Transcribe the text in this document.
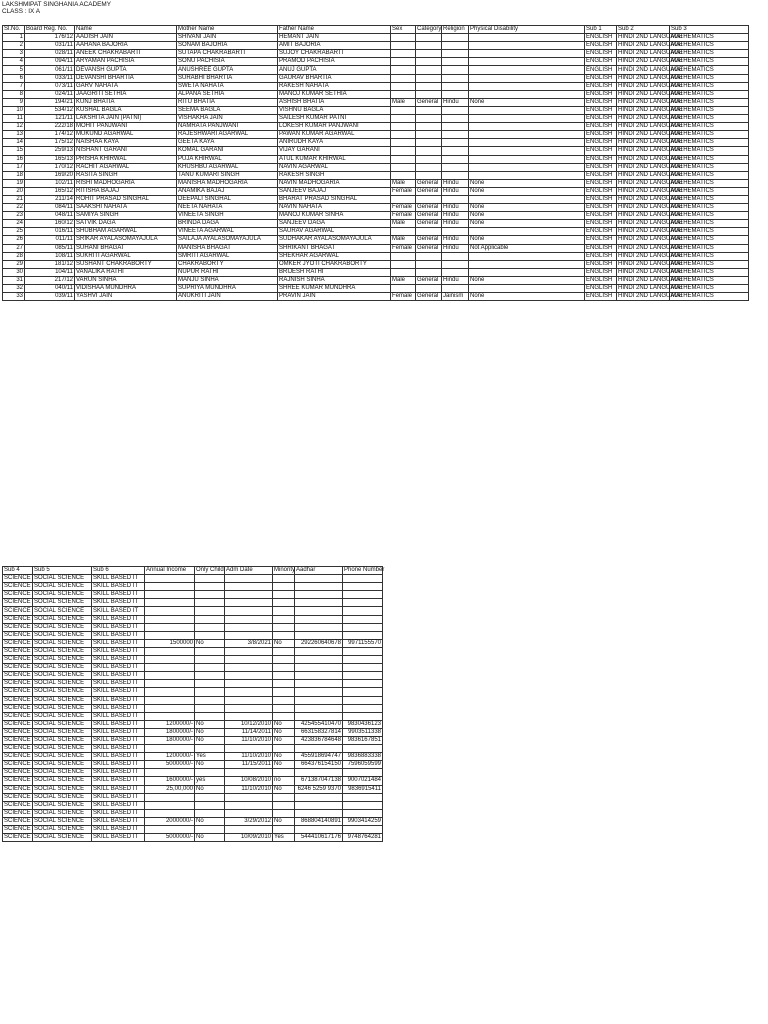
LAKSHMIPAT SINGHANIA ACADEMY
CLASS : IX A
Sl.No.	Board Reg. No.	Name	Mother Name	Father Name	Sex	Category	Religion	Physical Disability	Sub 1	Sub 2	Sub 3
1	176/12	AADISH JAIN	SHIVANI JAIN	HEMANT JAIN					ENGLISH	HINDI 2ND LANGUAGE	MATHEMATICS
2	031/11	AAHANA BAJORIA	SONAM BAJORIA	AMIT BAJORIA					ENGLISH	HINDI 2ND LANGUAGE	MATHEMATICS
3	028/11	ANEEK CHAKRABARTI	SUTAPA CHAKRABARTI	SUJOY CHAKRABARTI					ENGLISH	HINDI 2ND LANGUAGE	MATHEMATICS
4	094/11	ARYAMAN PACHISIA	SONU PACHISIA	PRAMOD PACHISIA					ENGLISH	HINDI 2ND LANGUAGE	MATHEMATICS
5	061/11	DEVANSH GUPTA	ANUSHREE GUPTA	ANUJ GUPTA					ENGLISH	HINDI 2ND LANGUAGE	MATHEMATICS
6	033/11	DEVANSHI BHARTIA	SURABHI BHARTIA	GAURAV BHARTIA					ENGLISH	HINDI 2ND LANGUAGE	MATHEMATICS
7	073/11	GARV NAHATA	SWETA NAHATA	RAKESH NAHATA					ENGLISH	HINDI 2ND LANGUAGE	MATHEMATICS
8	024/11	JAAGRITI SETHIA	ALPANA SETHIA	MANOJ KUMAR SETHIA					ENGLISH	HINDI 2ND LANGUAGE	MATHEMATICS
9	194/21	KUNJ BHATIA	RITU BHATIA	ASHISH BHATIA	Male	General	Hindu	None	ENGLISH	HINDI 2ND LANGUAGE	MATHEMATICS
10	534/12	KUSHAL BAGLA	SEEMA BAGLA	VISHNU BAGLA					ENGLISH	HINDI 2ND LANGUAGE	MATHEMATICS
11	121/11	LAKSHITA JAIN (PATNI)	VISHAKHA JAIN	SAILESH KUMAR PATNI					ENGLISH	HINDI 2ND LANGUAGE	MATHEMATICS
12	222/18	MOHIT PANJWANI	NAMRATA PANJWANI	LOKESH KUMAR PANJWANI					ENGLISH	HINDI 2ND LANGUAGE	MATHEMATICS
13	174/12	MUKUND AGARWAL	RAJESHWARI AGARWAL	PAWAN KUMAR AGARWAL					ENGLISH	HINDI 2ND LANGUAGE	MATHEMATICS
14	175/12	NAISHAA KAYA	GEETA KAYA	ANIRUDH KAYA					ENGLISH	HINDI 2ND LANGUAGE	MATHEMATICS
15	259/13	NISHANT GARANI	KOMAL GARANI	VIJAY GARANI					ENGLISH	HINDI 2ND LANGUAGE	MATHEMATICS
16	165/13	PRISHA KHIRWAL	PUJA KHIRWAL	ATUL KUMAR KHIRWAL					ENGLISH	HINDI 2ND LANGUAGE	MATHEMATICS
17	170/12	RACHIT AGARWAL	KHUSHBU AGARWAL	NAVIN AGARWAL					ENGLISH	HINDI 2ND LANGUAGE	MATHEMATICS
18	169/20	RASITA SINGH	TANU KUMARI SINGH	RAKESH SINGH					ENGLISH	HINDI 2ND LANGUAGE	MATHEMATICS
19	102/11	RISHI MADHOGARIA	MANISHA MADHOGARIA	NAVIN MADHOGARIA	Male	General	Hindu	None	ENGLISH	HINDI 2ND LANGUAGE	MATHEMATICS
20	165/12	RITISHA BAJAJ	ANAMIKA BAJAJ	SANJEEV BAJAJ	Female	General	Hindu	None	ENGLISH	HINDI 2ND LANGUAGE	MATHEMATICS
21	211/14	ROHIT PRASAD SINGHAL	DEEPALI SINGHAL	BHARAT PRASAD SINGHAL					ENGLISH	HINDI 2ND LANGUAGE	MATHEMATICS
22	084/11	SAAKSHI NAHATA	NEETA NAHATA	NAVIN NAHATA	Female	General	Hindu	None	ENGLISH	HINDI 2ND LANGUAGE	MATHEMATICS
23	048/11	SAMIYA SINGH	VINEETA SINGH	MANOJ KUMAR SINHA	Female	General	Hindu	None	ENGLISH	HINDI 2ND LANGUAGE	MATHEMATICS
24	160/12	SATVIK DAGA	BRINDA DAGA	SANJEEV DAGA	Male	General	Hindu	None	ENGLISH	HINDI 2ND LANGUAGE	MATHEMATICS
25	016/11	SHUBHAM AGARWAL	VINEETA AGARWAL	SAURAV AGARWAL					ENGLISH	HINDI 2ND LANGUAGE	MATHEMATICS
26	011/11	SRIKAR AYALASOMAYAJULA	SAILAJA AYALASOMAYAJULA	SUDHAKAR AYALASOMAYAJULA	Male	General	Hindu	None	ENGLISH	HINDI 2ND LANGUAGE	MATHEMATICS
27	085/11	SUHANI BHAGAT	MANISHA BHAGAT	SHRIKANT BHAGAT	Female	General	Hindu	Not Applicable	ENGLISH	HINDI 2ND LANGUAGE	MATHEMATICS
28	108/11	SUKRITI AGARWAL	SMRITI AGARWAL	SHEKHAR AGARWAL					ENGLISH	HINDI 2ND LANGUAGE	MATHEMATICS
29	181/12	SUSHANT CHAKRABORTY	CHAKRABORTY	OMKER JYOTI CHAKRABORTY					ENGLISH	HINDI 2ND LANGUAGE	MATHEMATICS
30	104/11	VANALIKA RATHI	NUPUR RATHI	BRIJESH RATHI					ENGLISH	HINDI 2ND LANGUAGE	MATHEMATICS
31	217/12	VARUN SINHA	MANJU SINHA	RAJNISH SINHA	Male	General	Hindu	None	ENGLISH	HINDI 2ND LANGUAGE	MATHEMATICS
32	040/11	VIDISHAA MUNDHRA	SUPRIYA MUNDHRA	SHREE KUMAR MUNDHRA					ENGLISH	HINDI 2ND LANGUAGE	MATHEMATICS
33	039/11	YASHVI JAIN	ANUKRITI JAIN	PRAVIN JAIN	Female	General	Jainism	None	ENGLISH	HINDI 2ND LANGUAGE	MATHEMATICS
Sub 4	Sub 5	Sub 6	Annual Income	Only Child	Adm Date	Minority	Aadhar	Phone Number
SCIENCE	SOCIAL SCIENCE	SKILL BASED IT						
SCIENCE	SOCIAL SCIENCE	SKILL BASED IT						
SCIENCE	SOCIAL SCIENCE	SKILL BASED IT						
SCIENCE	SOCIAL SCIENCE	SKILL BASED IT						
SCIENCE	SOCIAL SCIENCE	SKILL BASED IT						
SCIENCE	SOCIAL SCIENCE	SKILL BASED IT						
SCIENCE	SOCIAL SCIENCE	SKILL BASED IT						
SCIENCE	SOCIAL SCIENCE	SKILL BASED IT						
SCIENCE	SOCIAL SCIENCE	SKILL BASED IT	1500000	No	3/8/2021	No	292260640678	9971155570
SCIENCE	SOCIAL SCIENCE	SKILL BASED IT						
SCIENCE	SOCIAL SCIENCE	SKILL BASED IT						
SCIENCE	SOCIAL SCIENCE	SKILL BASED IT						
SCIENCE	SOCIAL SCIENCE	SKILL BASED IT						
SCIENCE	SOCIAL SCIENCE	SKILL BASED IT						
SCIENCE	SOCIAL SCIENCE	SKILL BASED IT						
SCIENCE	SOCIAL SCIENCE	SKILL BASED IT						
SCIENCE	SOCIAL SCIENCE	SKILL BASED IT						
SCIENCE	SOCIAL SCIENCE	SKILL BASED IT						
SCIENCE	SOCIAL SCIENCE	SKILL BASED IT	1200000/-	No	10/12/2010	No	425455410470	9830436123
SCIENCE	SOCIAL SCIENCE	SKILL BASED IT	1800000/-	No	11/14/2011	No	663158327814	9903511338
SCIENCE	SOCIAL SCIENCE	SKILL BASED IT	1800000/-	No	11/10/2010	No	423836784648	9836167851
SCIENCE	SOCIAL SCIENCE	SKILL BASED IT						
SCIENCE	SOCIAL SCIENCE	SKILL BASED IT	1200000/-	Yes	11/10/2010	No	455918694747	9836883338
SCIENCE	SOCIAL SCIENCE	SKILL BASED IT	5000000/-	No	11/15/2011	No	664376154150	7596059599
SCIENCE	SOCIAL SCIENCE	SKILL BASED IT						
SCIENCE	SOCIAL SCIENCE	SKILL BASED IT	1600000/-	yes	10/08/2010	no	671387047138	9007021484
SCIENCE	SOCIAL SCIENCE	SKILL BASED IT	25,00,000	No	11/10/2010	No	6246 5259 9370	9836915411
SCIENCE	SOCIAL SCIENCE	SKILL BASED IT						
SCIENCE	SOCIAL SCIENCE	SKILL BASED IT						
SCIENCE	SOCIAL SCIENCE	SKILL BASED IT						
SCIENCE	SOCIAL SCIENCE	SKILL BASED IT	2000000/-	No	3/29/2012	No	868804140891	9903414259
SCIENCE	SOCIAL SCIENCE	SKILL BASED IT						
SCIENCE	SOCIAL SCIENCE	SKILL BASED IT	5000000/-	No	10/09/2010	Yes	544410617176	9748764281
